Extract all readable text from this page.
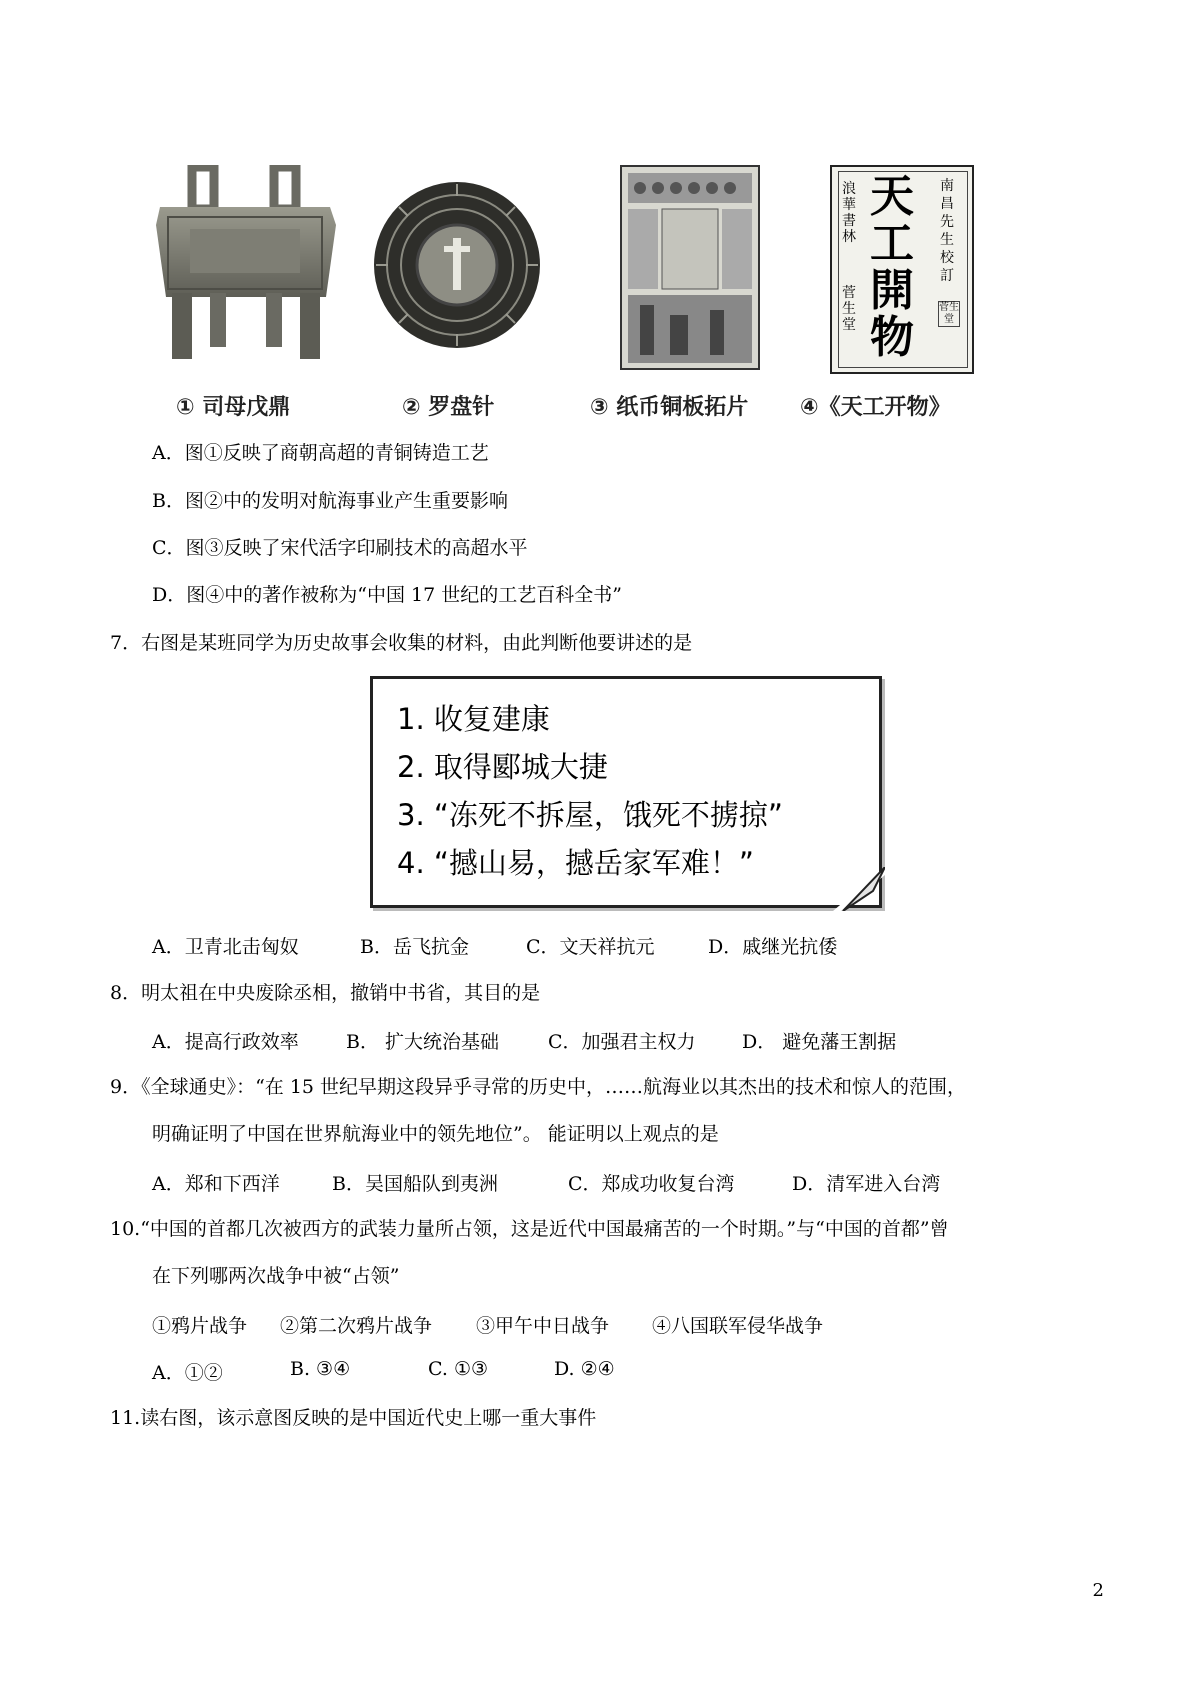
浪華書林
菅生堂
天工開物
南昌先生校訂
菅生堂
① 司母戊鼎	② 罗盘针	③ 纸币铜板拓片 ④《天工开物》
A．图①反映了商朝高超的青铜铸造工艺
B．图②中的发明对航海事业产生重要影响
C．图③反映了宋代活字印刷技术的高超水平
D．图④中的著作被称为“中国 17 世纪的工艺百科全书”
7．右图是某班同学为历史故事会收集的材料，由此判断他要讲述的是
1. 收复建康
2. 取得郾城大捷
3. “冻死不拆屋，饿死不掳掠”
4. “撼山易，撼岳家军难！”
A．卫青北击匈奴	B．岳飞抗金	C．文天祥抗元	D．戚继光抗倭
8．明太祖在中央废除丞相，撤销中书省，其目的是
A．提高行政效率 B． 扩大统治基础	C．加强君主权力 D． 避免藩王割据
9．《全球通史》：“在 15 世纪早期这段异乎寻常的历史中，……航海业以其杰出的技术和惊人的范围，
明确证明了中国在世界航海业中的领先地位”。 能证明以上观点的是
A．郑和下西洋	B．吴国船队到夷洲	C．郑成功收复台湾	D．清军进入台湾
10.“中国的首都几次被西方的武装力量所占领，这是近代中国最痛苦的一个时期。”与“中国的首都”曾
在下列哪两次战争中被“占领”
①鸦片战争 ②第二次鸦片战争 ③甲午中日战争 ④八国联军侵华战争
A．①②	B. ③④	C. ①③	D. ②④
11.读右图，该示意图反映的是中国近代史上哪一重大事件
2
